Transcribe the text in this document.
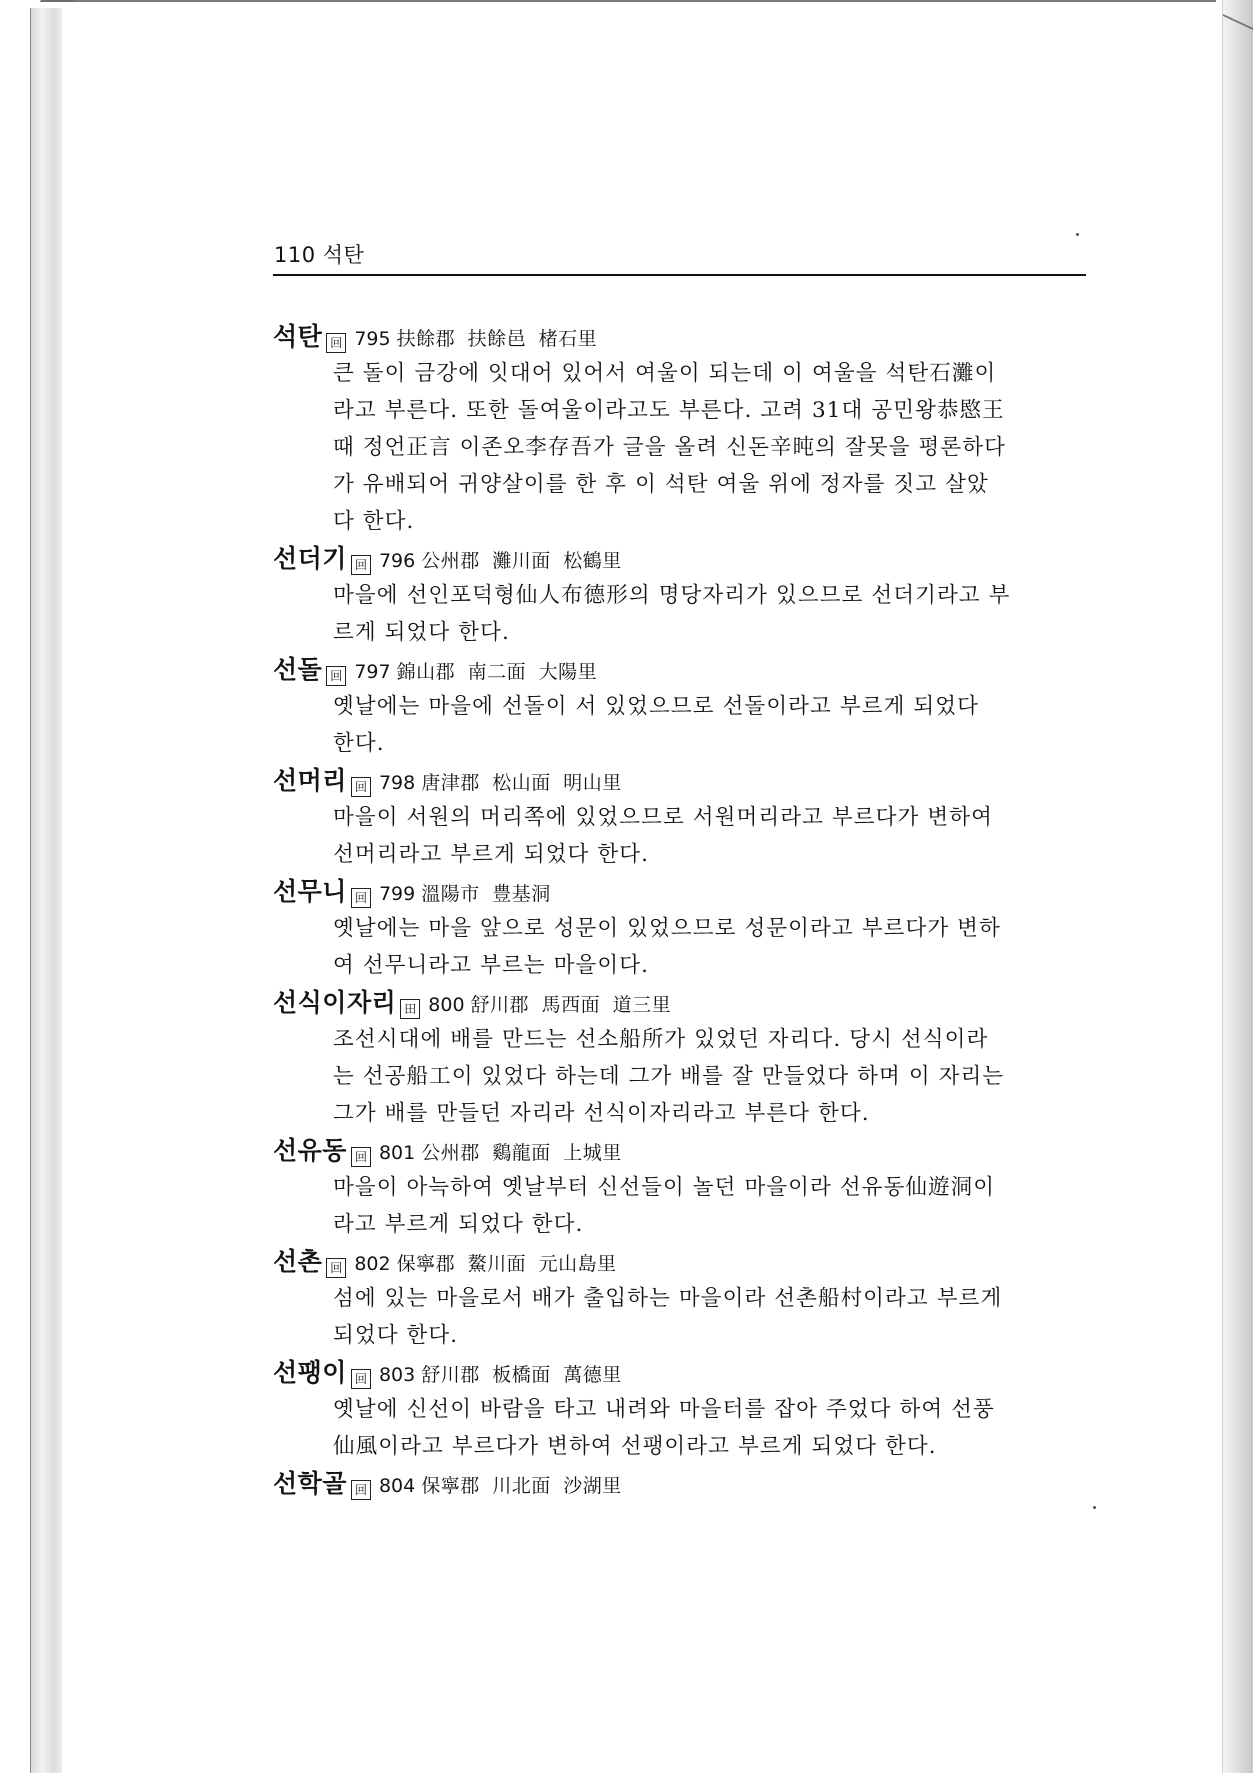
110 석탄
석탄 回 795 扶餘郡 扶餘邑 楮石里
큰 돌이 금강에 잇대어 있어서 여울이 되는데 이 여울을 석탄石灘이
라고 부른다. 또한 돌여울이라고도 부른다. 고려 31대 공민왕恭愍王
때 정언正言 이존오李存吾가 글을 올려 신돈辛旽의 잘못을 평론하다
가 유배되어 귀양살이를 한 후 이 석탄 여울 위에 정자를 짓고 살았
다 한다.
선더기 回 796 公州郡 灘川面 松鶴里
마을에 선인포덕형仙人布德形의 명당자리가 있으므로 선더기라고 부
르게 되었다 한다.
선돌 回 797 錦山郡 南二面 大陽里
옛날에는 마을에 선돌이 서 있었으므로 선돌이라고 부르게 되었다
한다.
선머리 回 798 唐津郡 松山面 明山里
마을이 서원의 머리쪽에 있었으므로 서원머리라고 부르다가 변하여
선머리라고 부르게 되었다 한다.
선무니 回 799 溫陽市 豊基洞
옛날에는 마을 앞으로 성문이 있었으므로 성문이라고 부르다가 변하
여 선무니라고 부르는 마을이다.
선식이자리 田 800 舒川郡 馬西面 道三里
조선시대에 배를 만드는 선소船所가 있었던 자리다. 당시 선식이라
는 선공船工이 있었다 하는데 그가 배를 잘 만들었다 하며 이 자리는
그가 배를 만들던 자리라 선식이자리라고 부른다 한다.
선유동 回 801 公州郡 鷄龍面 上城里
마을이 아늑하여 옛날부터 신선들이 놀던 마을이라 선유동仙遊洞이
라고 부르게 되었다 한다.
선촌 回 802 保寧郡 鰲川面 元山島里
섬에 있는 마을로서 배가 출입하는 마을이라 선촌船村이라고 부르게
되었다 한다.
선팽이 回 803 舒川郡 板橋面 萬德里
옛날에 신선이 바람을 타고 내려와 마을터를 잡아 주었다 하여 선풍
仙風이라고 부르다가 변하여 선팽이라고 부르게 되었다 한다.
선학골 回 804 保寧郡 川北面 沙湖里
